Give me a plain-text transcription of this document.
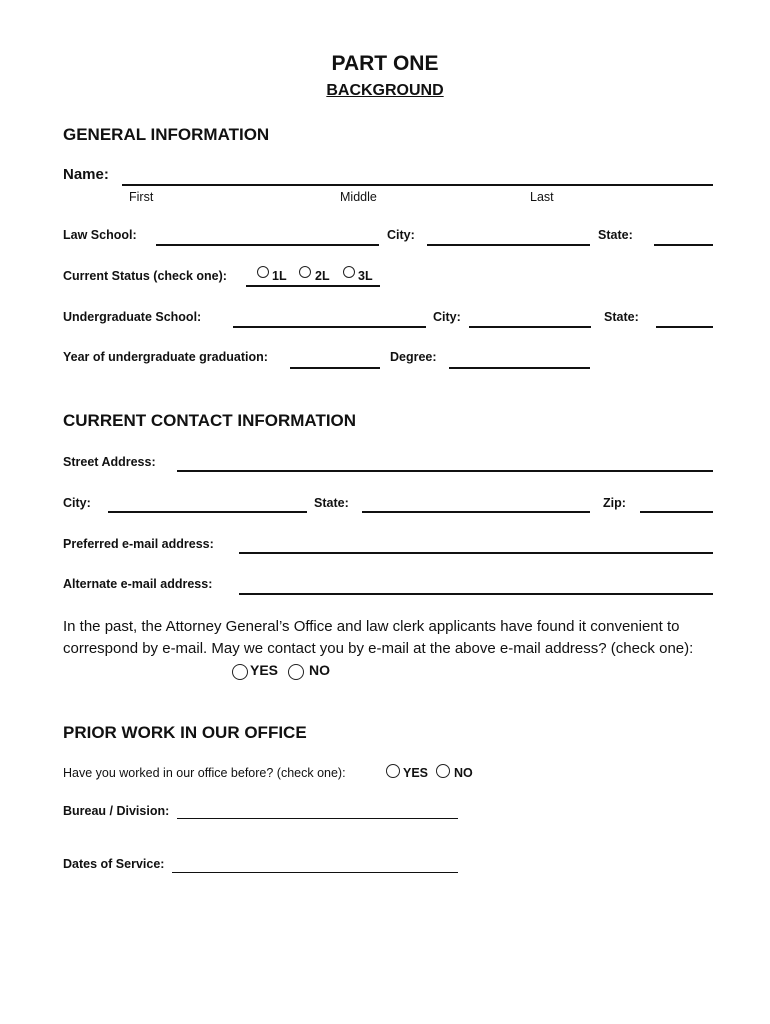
PART ONE
BACKGROUND
GENERAL INFORMATION
Name:
First	Middle	Last
Law School:	City:	State:
Current Status (check one):	1L 2L 3L
Undergraduate School:	City:	State:
Year of undergraduate graduation:	Degree:
CURRENT CONTACT INFORMATION
Street Address:
City:	State:	Zip:
Preferred e-mail address:
Alternate e-mail address:
In the past, the Attorney General’s Office and law clerk applicants have found it convenient to correspond by e-mail. May we contact you by e-mail at the above e-mail address? (check one):
YES NO
PRIOR WORK IN OUR OFFICE
Have you worked in our office before? (check one):	YES NO
Bureau / Division:
Dates of Service:
